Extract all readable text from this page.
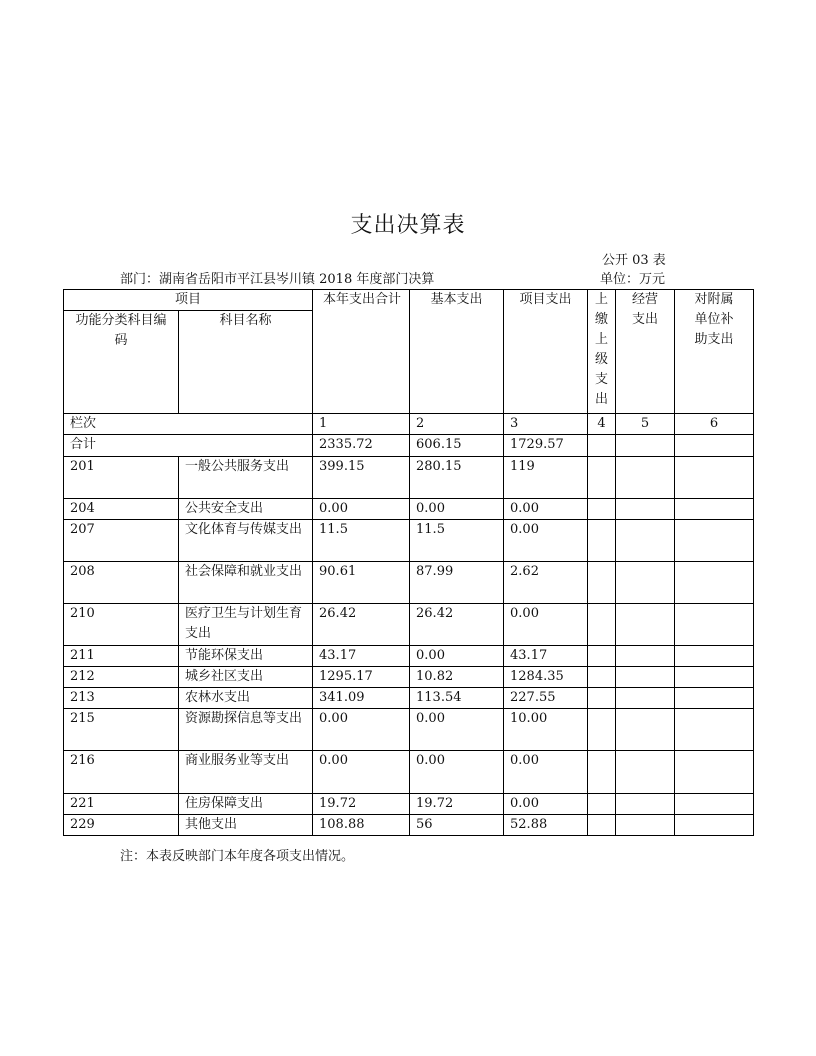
支出决算表
公开 03 表
部门：湖南省岳阳市平江县岑川镇 2018 年度部门决算	单位：万元
项目		本年支出合计	基本支出	项目支出	上缴上级支出	经营支出	对附属单位补助支出

功能分类科目编码	科目名称						
栏次		1	2	3	4	5	6
合计		2335.72	606.15	1729.57			
201	一般公共服务支出	399.15	280.15	119			
204	公共安全支出	0.00	0.00	0.00			
207	文化体育与传媒支出	11.5	11.5	0.00			
208	社会保障和就业支出	90.61	87.99	2.62			
210	医疗卫生与计划生育支出	26.42	26.42	0.00			
211	节能环保支出	43.17	0.00	43.17			
212	城乡社区支出	1295.17	10.82	1284.35			
213	农林水支出	341.09	113.54	227.55			
215	资源勘探信息等支出	0.00	0.00	10.00			
216	商业服务业等支出	0.00	0.00	0.00			
221	住房保障支出	19.72	19.72	0.00			
229	其他支出	108.88	56	52.88			
注：本表反映部门本年度各项支出情况。
